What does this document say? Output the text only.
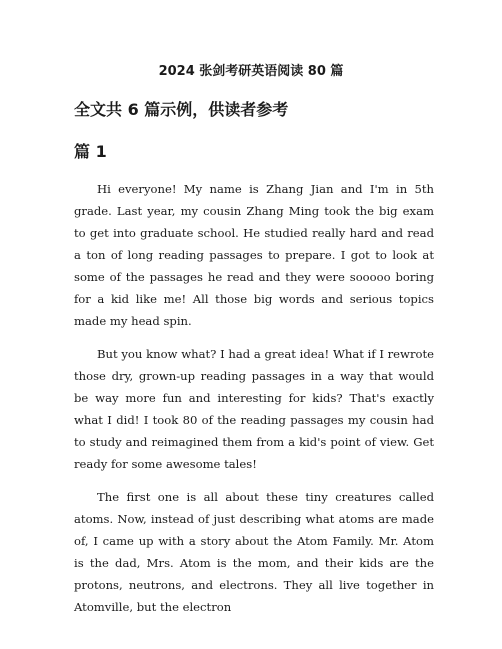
2024 张剑考研英语阅读 80 篇
全文共 6 篇示例，供读者参考
篇 1

Hi everyone! My name is Zhang Jian and I'm in 5th grade. Last year, my cousin Zhang Ming took the big exam to get into graduate school. He studied really hard and read a ton of long reading passages to prepare. I got to look at some of the passages he read and they were sooooo boring for a kid like me! All those big words and serious topics made my head spin.

But you know what? I had a great idea! What if I rewrote those dry, grown-up reading passages in a way that would be way more fun and interesting for kids? That's exactly what I did! I took 80 of the reading passages my cousin had to study and reimagined them from a kid's point of view. Get ready for some awesome tales!

The first one is all about these tiny creatures called atoms. Now, instead of just describing what atoms are made of, I came up with a story about the Atom Family. Mr. Atom is the dad, Mrs. Atom is the mom, and their kids are the protons, neutrons, and electrons. They all live together in Atomville, but the electron
